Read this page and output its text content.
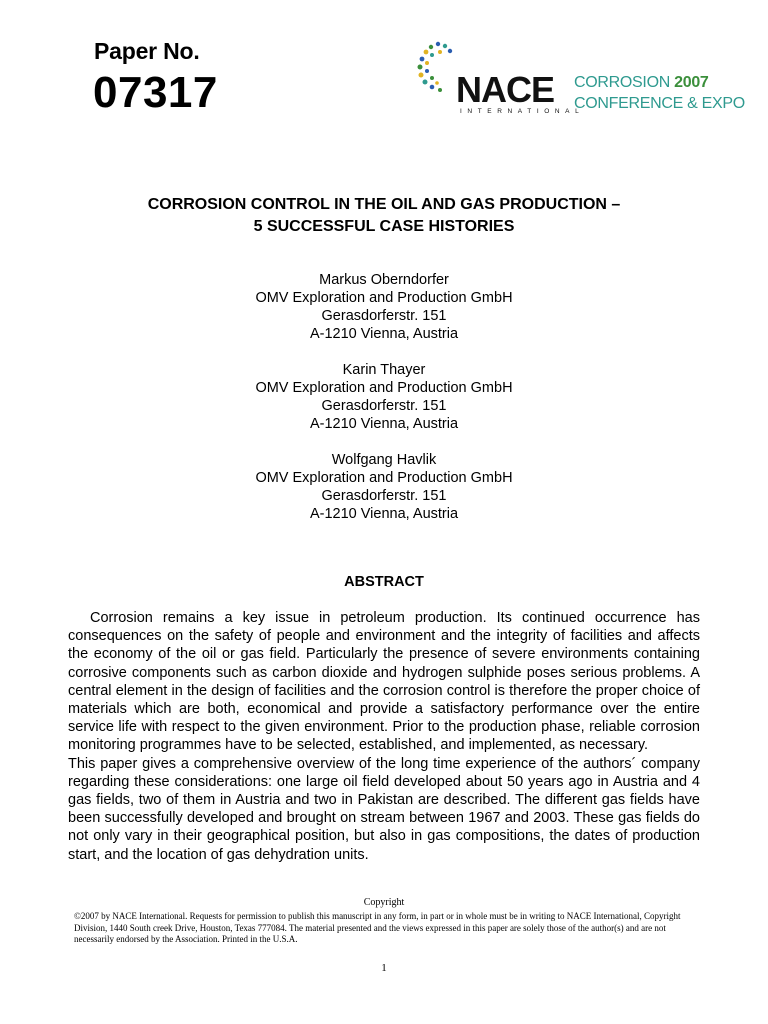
Paper No.
07317	NACE
INTERNATIONAL
CORROSION 2007
CONFERENCE & EXPO
CORROSION CONTROL IN THE OIL AND GAS PRODUCTION –
5 SUCCESSFUL CASE HISTORIES
Markus Oberndorfer
OMV Exploration and Production GmbH
Gerasdorferstr. 151
A-1210 Vienna, Austria
Karin Thayer
OMV Exploration and Production GmbH
Gerasdorferstr. 151
A-1210 Vienna, Austria
Wolfgang Havlik
OMV Exploration and Production GmbH
Gerasdorferstr. 151
A-1210 Vienna, Austria
ABSTRACT

Corrosion remains a key issue in petroleum production. Its continued occurrence has consequences on the safety of people and environment and the integrity of facilities and affects the economy of the oil or gas field. Particularly the presence of severe environments containing corrosive components such as carbon dioxide and hydrogen sulphide poses serious problems. A central element in the design of facilities and the corrosion control is therefore the proper choice of materials which are both, economical and provide a satisfactory performance over the entire service life with respect to the given environment. Prior to the production phase, reliable corrosion monitoring programmes have to be selected, established, and implemented, as necessary.

This paper gives a comprehensive overview of the long time experience of the authors´ company regarding these considerations: one large oil field developed about 50 years ago in Austria and 4 gas fields, two of them in Austria and two in Pakistan are described. The different gas fields have been successfully developed and brought on stream between 1967 and 2003. These gas fields do not only vary in their geographical position, but also in gas compositions, the dates of production start, and the location of gas dehydration units.

Copyright
©2007 by NACE International. Requests for permission to publish this manuscript in any form, in part or in whole must be in writing to NACE International, Copyright Division, 1440 South creek Drive, Houston, Texas 777084. The material presented and the views expressed in this paper are solely those of the author(s) and are not necessarily endorsed by the Association. Printed in the U.S.A.
1
